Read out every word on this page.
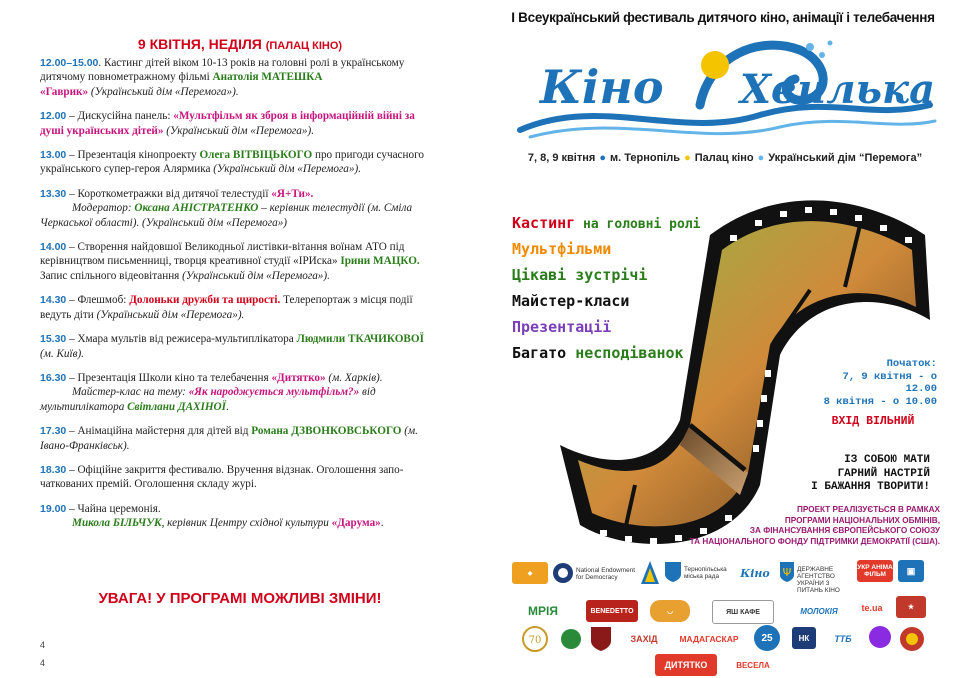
9 КВІТНЯ, НЕДІЛЯ (ПАЛАЦ КІНО)
12.00–15.00. Кастинг дітей віком 10-13 років на головні ролі в українському дитячому повнометражному фільмі Анатолія МАТЕШКА
«Гаврик» (Український дім «Перемога»).
12.00 – Дискусійна панель: «Мультфільм як зброя в інформаційній війні за душі українських дітей» (Український дім «Перемога»).
13.00 – Презентація кінопроекту Олега ВІТВІЦЬКОГО про пригоди сучасного українського супер-героя Алярмика (Український дім «Перемога»).
13.30 – Короткометражки від дитячої телестудії «Я+Ти».
Модератор: Оксана АНІСТРАТЕНКО – керівник телестудії (м. Сміла Черкаської області). (Український дім «Перемога»)
14.00 – Створення найдовшої Великодньої листівки-вітання воїнам АТО під керівництвом письменниці, творця креативної студії «ІРИска» Ірини МАЦКО. Запис спільного відеовітання (Український дім «Перемога»).
14.30 – Флешмоб: Долоньки дружби та щирості. Телерепортаж з місця події ведуть діти (Український дім «Перемога»).
15.30 – Хмара мультів від режисера-мультиплікатора Людмили ТКАЧИКОВОЇ (м. Київ).
16.30 – Презентація Школи кіно та телебачення «Дитятко» (м. Харків).
Майстер-клас на тему: «Як народжується мультфільм?» від мультиплікатора Світлани ДАХІНОЇ.
17.30 – Анімаційна майстерня для дітей від Романа ДЗВОНКОВСЬКОГО (м. Івано-Франківськ).
18.30 – Офіційне закриття фестивалю. Вручення відзнак. Оголошення запо-чаткованих премій. Оголошення складу журі.
19.00 – Чайна церемонія.
Микола БІЛЬЧУК, керівник Центру східної культури «Дарума».
УВАГА! У ПРОГРАМІ МОЖЛИВІ ЗМІНИ!
4
4
І Всеукраїнський фестиваль дитячого кіно, анімації і телебачення
Кіно Хвилька
7, 8, 9 квітня ● м. Тернопіль ● Палац кіно ● Український дім “Перемога”
Кастинг на головні ролі
Мультфільми
Цікаві зустрічі
Майстер-класи
Презентації
Багато несподіванок
Початок:
7, 9 квітня - о 12.00
8 квітня - о 10.00
ВХІД ВІЛЬНИЙ
ІЗ СОБОЮ МАТИ
ГАРНИЙ НАСТРІЙ
І БАЖАННЯ ТВОРИТИ!
ПРОЕКТ РЕАЛІЗУЄТЬСЯ В РАМКАХ
ПРОГРАМИ НАЦІОНАЛЬНИХ ОБМІНІВ,
ЗА ФІНАНСУВАННЯ ЄВРОПЕЙСЬКОГО СОЮЗУ
ТА НАЦІОНАЛЬНОГО ФОНДУ ПІДТРИМКИ ДЕМОКРАТІЇ (США).
◆	National Endowment for Democracy
Тернопільська міська рада	Кіно	Ψ ДЕРЖАВНЕ АГЕНТСТВО УКРАЇНИ З ПИТАНЬ КІНО
УКР АНІМА ФІЛЬМ	▣
МРІЯ	BENEDETTO	◡	ЯШ КАФЕ	МОЛОКІЯ	te.ua	★
70	ЗАХІД	МАДАГАСКАР	25	НК	ТТБ
ДИТЯТКО	ВЕСЕЛА
